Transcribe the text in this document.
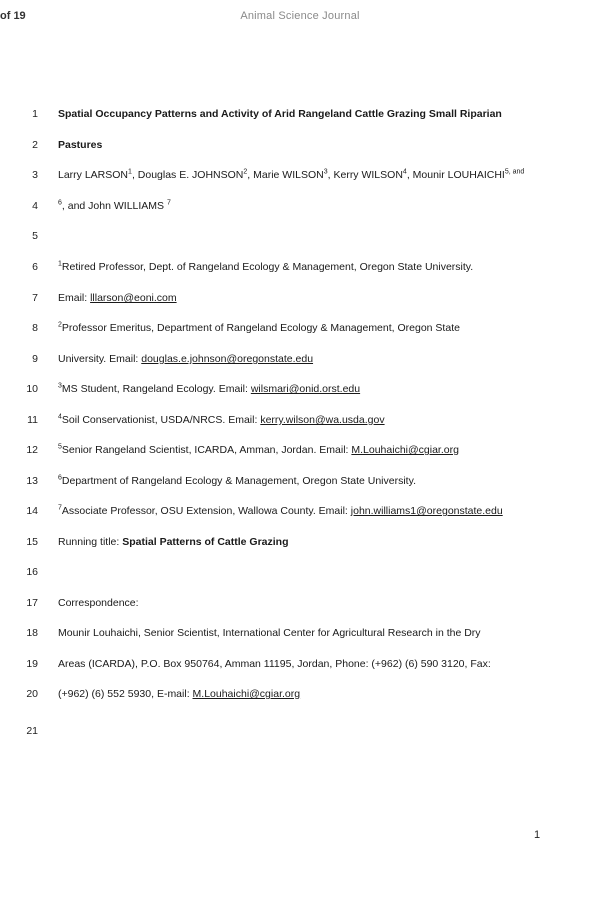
of 19	Animal Science Journal
1 Spatial Occupancy Patterns and Activity of Arid Rangeland Cattle Grazing Small Riparian
2 Pastures
3 Larry LARSON$^1$, Douglas E. JOHNSON$^2$, Marie WILSON$^3$, Kerry WILSON$^4$, Mounir $LOUHAICHI^{5, and}$
4	$^6$, and John WILLIAMS $^7$
5
6	$^1$Retired Professor, Dept. of Rangeland Ecology & Management, Oregon State University.
7 Email: lllarson@eoni.com
8	$^2$Professor Emeritus, Department of Rangeland Ecology & Management, Oregon State
9 University. Email: douglas.e.johnson@oregonstate.edu
10	$^3$MS Student, Rangeland Ecology. Email: wilsmari@onid.orst.edu
11	$^4$Soil Conservationist, USDA/NRCS. Email: kerry.wilson@wa.usda.gov
12	$^5$Senior Rangeland Scientist, ICARDA, Amman, Jordan. Email: M.Louhaichi@cgiar.org
13	$^6$Department of Rangeland Ecology & Management, Oregon State University.
14	$^7$Associate Professor, OSU Extension, Wallowa County. Email: john.williams1@oregonstate.edu
15 Running title: Spatial Patterns of Cattle Grazing
16
17 Correspondence:
18 Mounir Louhaichi, Senior Scientist, International Center for Agricultural Research in the Dry
19 Areas (ICARDA), P.O. Box 950764, Amman 11195, Jordan, Phone: (+962) (6) 590 3120, Fax:
20 (+962) (6) 552 5930, E-mail: M.Louhaichi@cgiar.org
21
1
